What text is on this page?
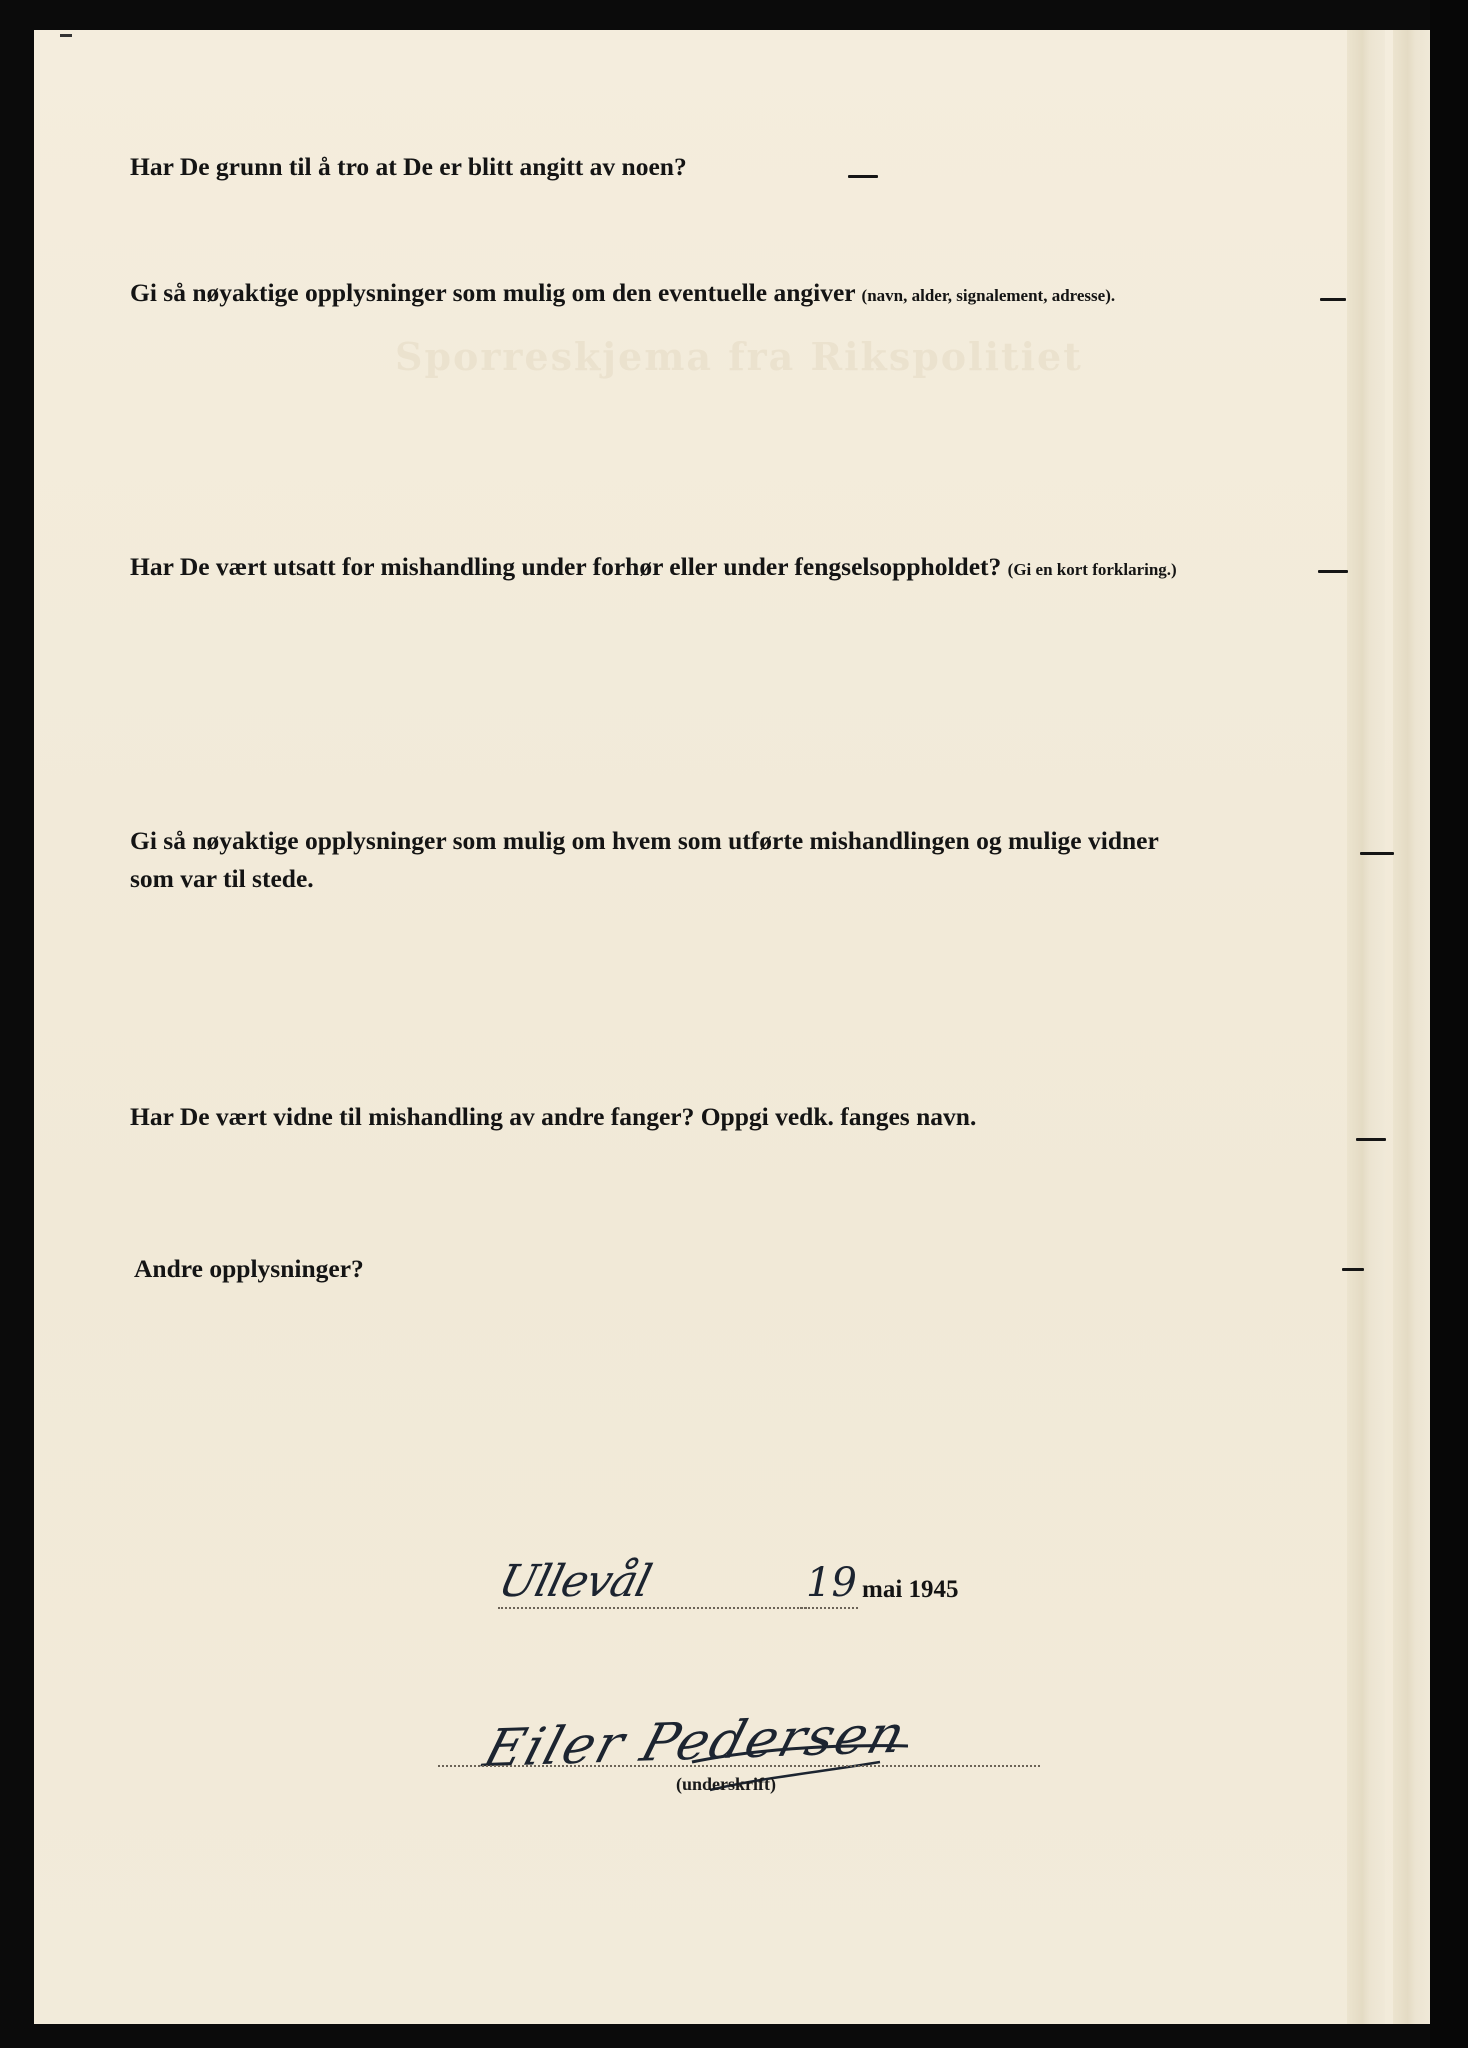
Har De grunn til å tro at De er blitt angitt av noen?

Gi så nøyaktige opplysninger som mulig om den eventuelle angiver (navn, alder, signalement, adresse).

Sporreskjema fra Rikspolitiet

Har De vært utsatt for mishandling under forhør eller under fengselsoppholdet? (Gi en kort forklaring.)

Gi så nøyaktige opplysninger som mulig om hvem som utførte mishandlingen og mulige vidner
som var til stede.

Har De vært vidne til mishandling av andre fanger? Oppgi vedk. fanges navn.

Andre opplysninger?

Ullevål	19 mai 1945
Eiler Pedersen
(underskrift)
